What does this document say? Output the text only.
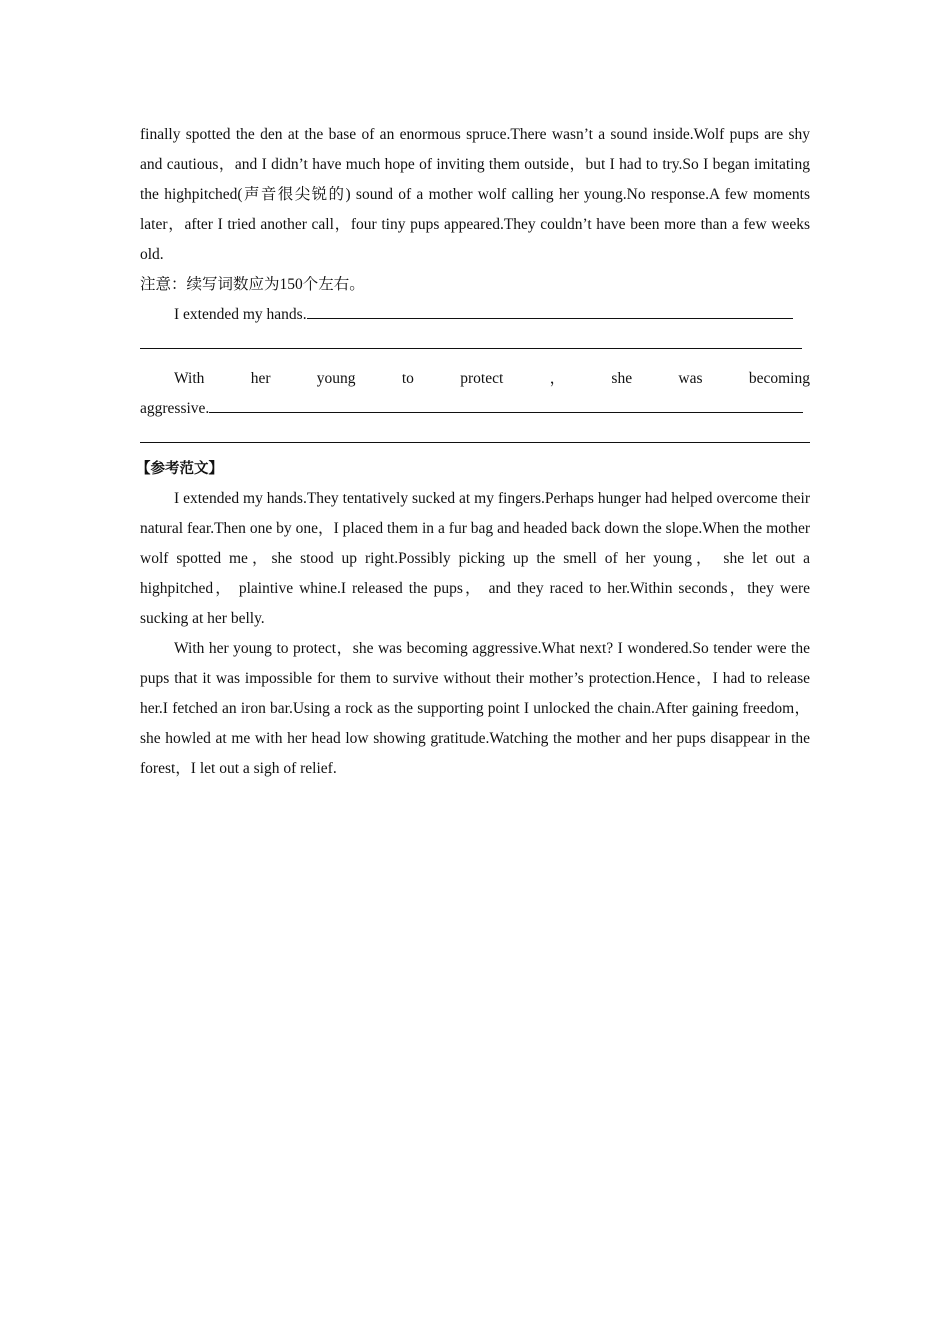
finally spotted the den at the base of an enormous spruce.There wasn’t a sound inside.Wolf pups are shy and cautious，and I didn’t have much hope of inviting them outside，but I had to try.So I began imitating the highpitched(声音很尖锐的) sound of a mother wolf calling her young.No response.A few moments later，after I tried another call，four tiny pups appeared.They couldn’t have been more than a few weeks old.

注意：续写词数应为150个左右。

I extended my hands.
With	her	young	to	protect	，	she	was	becoming
aggressive.
【参考范文】

I extended my hands.They tentatively sucked at my fingers.Perhaps hunger had helped overcome their natural fear.Then one by one，I placed them in a fur bag and headed back down the slope.When the mother wolf spotted me，she stood up right.Possibly picking up the smell of her young， she let out a highpitched， plaintive whine.I released the pups， and they raced to her.Within seconds，they were sucking at her belly.

With her young to protect，she was becoming aggressive.What next? I wondered.So tender were the pups that it was impossible for them to survive without their mother’s protection.Hence，I had to release her.I fetched an iron bar.Using a rock as the supporting point I unlocked the chain.After gaining freedom， she howled at me with her head low showing gratitude.Watching the mother and her pups disappear in the forest，I let out a sigh of relief.
